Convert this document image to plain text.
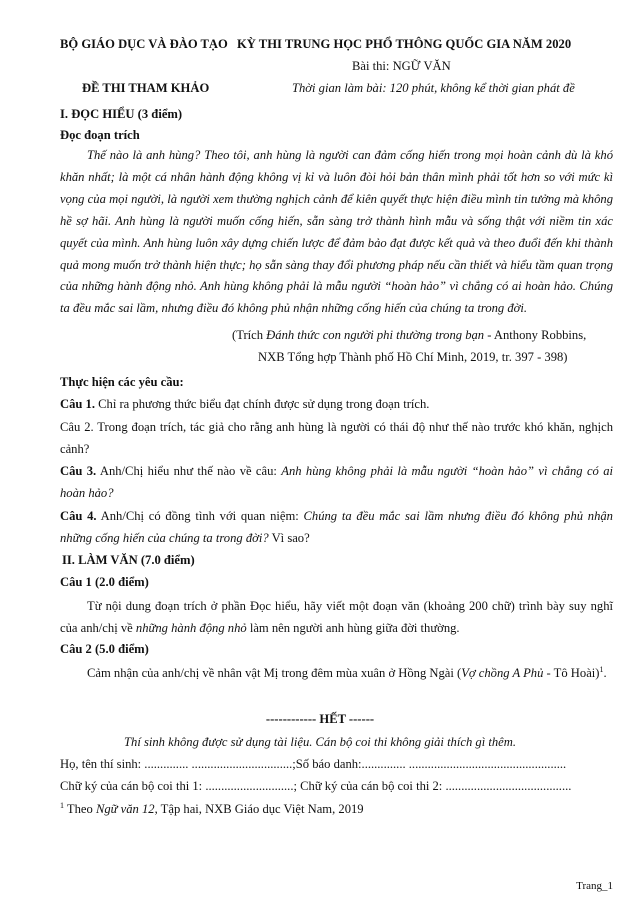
BỘ GIÁO DỤC VÀ ĐÀO TẠO KỲ THI TRUNG HỌC PHỔ THÔNG QUỐC GIA NĂM 2020
Bài thi: NGỮ VĂN
ĐỀ THI THAM KHẢO	Thời gian làm bài: 120 phút, không kể thời gian phát đề
I. ĐỌC HIỂU (3 điểm)
Đọc đoạn trích
Thế nào là anh hùng? Theo tôi, anh hùng là người can đảm cống hiến trong mọi hoàn cảnh dù là khó khăn nhất; là một cá nhân hành động không vị kỉ và luôn đòi hỏi bản thân mình phải tốt hơn so với mức kì vọng của mọi người, là người xem thường nghịch cảnh để kiên quyết thực hiện điều mình tin tưởng mà không hề sợ hãi. Anh hùng là người muốn cống hiến, sẵn sàng trở thành hình mẫu và sống thật với niềm tin xác quyết của mình. Anh hùng luôn xây dựng chiến lược để đảm bảo đạt được kết quả và theo đuổi đến khi thành quả mong muốn trở thành hiện thực; họ sẵn sàng thay đổi phương pháp nếu cần thiết và hiểu tầm quan trọng của những hành động nhỏ. Anh hùng không phải là mẫu người “hoàn hảo” vì chẳng có ai hoàn hảo. Chúng ta đều mắc sai lầm, nhưng điều đó không phủ nhận những cống hiến của chúng ta trong đời.
(Trích Đánh thức con người phi thường trong bạn - Anthony Robbins,
NXB Tổng hợp Thành phố Hồ Chí Minh, 2019, tr. 397 - 398)
Thực hiện các yêu cầu:
Câu 1. Chỉ ra phương thức biểu đạt chính được sử dụng trong đoạn trích.
Câu 2. Trong đoạn trích, tác giả cho rằng anh hùng là người có thái độ như thế nào trước khó khăn, nghịch cảnh?
Câu 3. Anh/Chị hiểu như thế nào về câu: Anh hùng không phải là mẫu người “hoàn hảo” vì chẳng có ai hoàn hảo?
Câu 4. Anh/Chị có đồng tình với quan niệm: Chúng ta đều mắc sai lầm nhưng điều đó không phủ nhận những cống hiến của chúng ta trong đời? Vì sao?
II. LÀM VĂN (7.0 điểm)
Câu 1 (2.0 điểm)
Từ nội dung đoạn trích ở phần Đọc hiểu, hãy viết một đoạn văn (khoảng 200 chữ) trình bày suy nghĩ của anh/chị về những hành động nhỏ làm nên người anh hùng giữa đời thường.
Câu 2 (5.0 điểm)
Cảm nhận của anh/chị về nhân vật Mị trong đêm mùa xuân ở Hồng Ngài (Vợ chồng A Phủ - Tô Hoài)$^1$.
------------ HẾT ------
Thí sinh không được sử dụng tài liệu. Cán bộ coi thi không giải thích gì thêm.
Họ, tên thí sinh: .............. ................................;Số báo danh:.............. ..................................................
Chữ ký của cán bộ coi thi 1: ............................; Chữ ký của cán bộ coi thi 2: ........................................
$^1$ Theo Ngữ văn 12, Tập hai, NXB Giáo dục Việt Nam, 2019
Trang_1
